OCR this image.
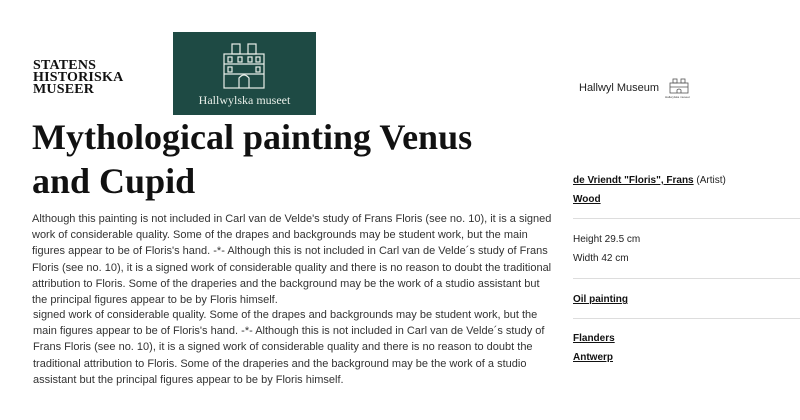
STATENS
HISTORISKA
MUSEER
Hallwylska museet
Hallwyl Museum
Hallwylska museet
Mythological painting Venus and Cupid

Although this painting is not included in Carl van de Velde's study of Frans Floris (see no. 10), it is a signed work of considerable quality. Some of the drapes and backgrounds may be student work, but the main figures appear to be of Floris's hand. -*- Although this is not included in Carl van de Velde´s study of Frans Floris (see no. 10), it is a signed work of considerable quality and there is no reason to doubt the traditional attribution to Floris. Some of the draperies and the background may be the work of a studio assistant but the principal figures appear to be by Floris himself.

signed work of considerable quality. Some of the drapes and backgrounds may be student work, but the main figures appear to be of Floris's hand. -*- Although this is not included in Carl van de Velde´s study of Frans Floris (see no. 10), it is a signed work of considerable quality and there is no reason to doubt the traditional attribution to Floris. Some of the draperies and the background may be the work of a studio assistant but the principal figures appear to be by Floris himself.

de Vriendt "Floris", Frans (Artist)
Wood
Height 29.5 cm
Width 42 cm
Oil painting
Flanders
Antwerp
